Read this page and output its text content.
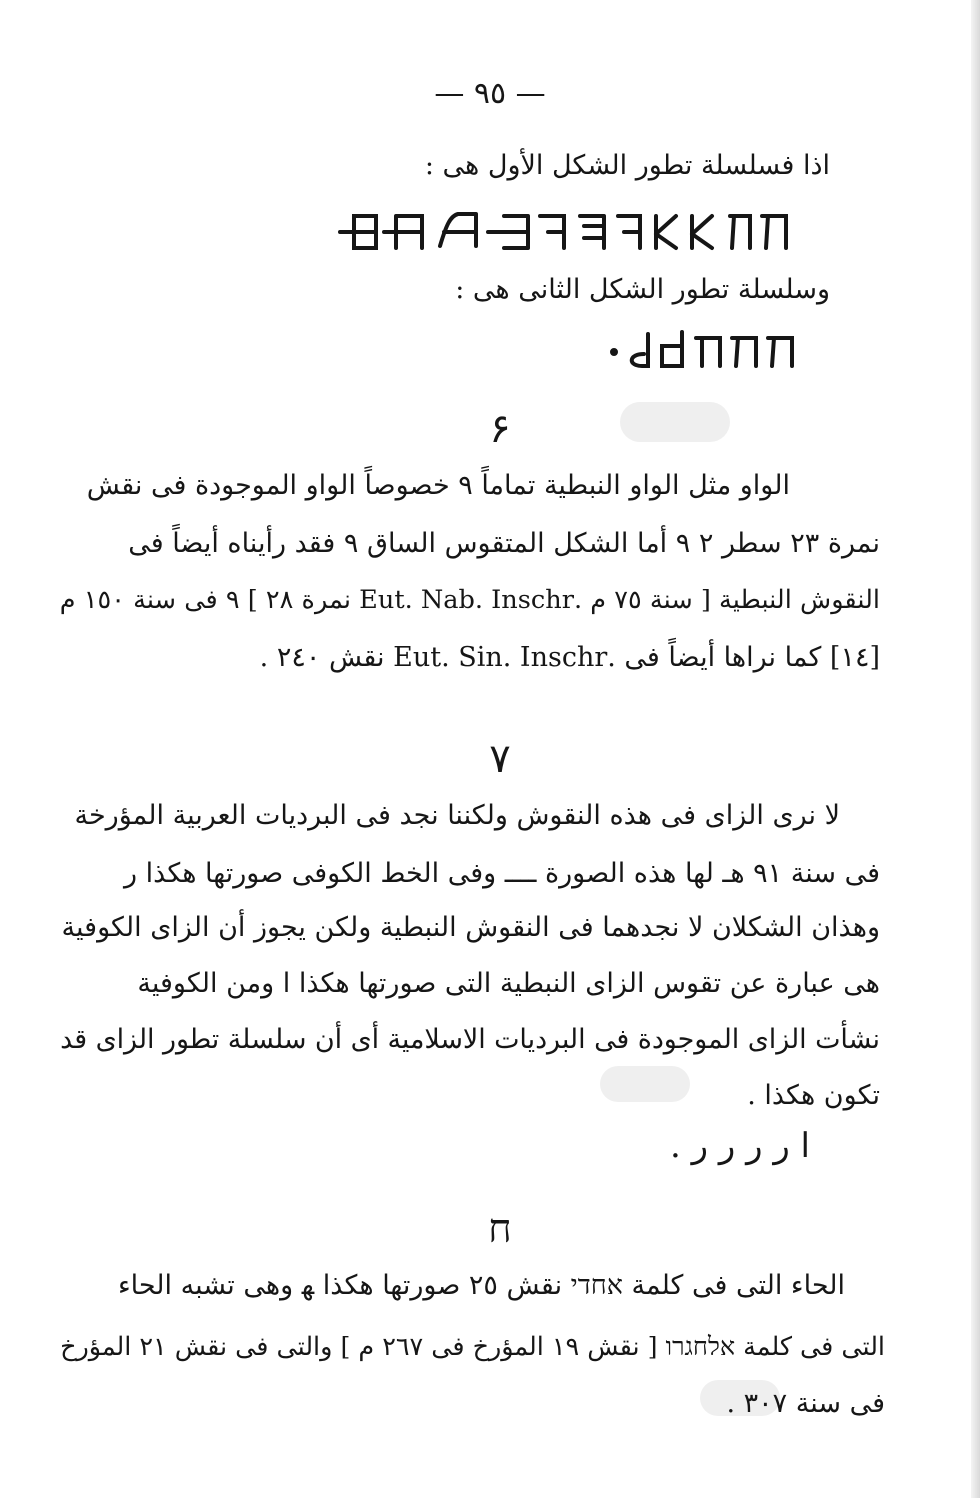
— ٩٥ —
اذا فسلسلة تطور الشكل الأول هى :
وسلسلة تطور الشكل الثانى هى :
۶
الواو مثل الواو النبطية تماماً ٩ خصوصاً الواو الموجودة فى نقش
نمرة ٢٣ سطر ٢ ٩ أما الشكل المتقوس الساق ٩ فقد رأيناه أيضاً فى
النقوش النبطية [ سنة ٧٥ م .Eut. Nab. Inschr نمرة ٢٨ ] ٩ فى سنة ١٥٠ م
[١٤] كما نراها أيضاً فى .Eut. Sin. Inschr نقش ٢٤٠ .
۷
لا نرى الزاى فى هذه النقوش ولكننا نجد فى البرديات العربية المؤرخة
فى سنة ٩١ هـ لها هذه الصورة ــــ وفى الخط الكوفى صورتها هكذا ر
وهذان الشكلان لا نجدهما فى النقوش النبطية ولكن يجوز أن الزاى الكوفية
هى عبارة عن تقوس الزاى النبطية التى صورتها هكذا ا ومن الكوفية
نشأت الزاى الموجودة فى البرديات الاسلامية أى أن سلسلة تطور الزاى قد
تكون هكذا .
ا ر ر ر ر .
ח
الحاء التى فى كلمة אחדי نقش ٢٥ صورتها هكذا ﻬ وهى تشبه الحاء
التى فى كلمة אלחגרו [ نقش ١٩ المؤرخ فى ٢٦٧ م ] والتى فى نقش ٢١ المؤرخ
فى سنة ٣٠٧ .
